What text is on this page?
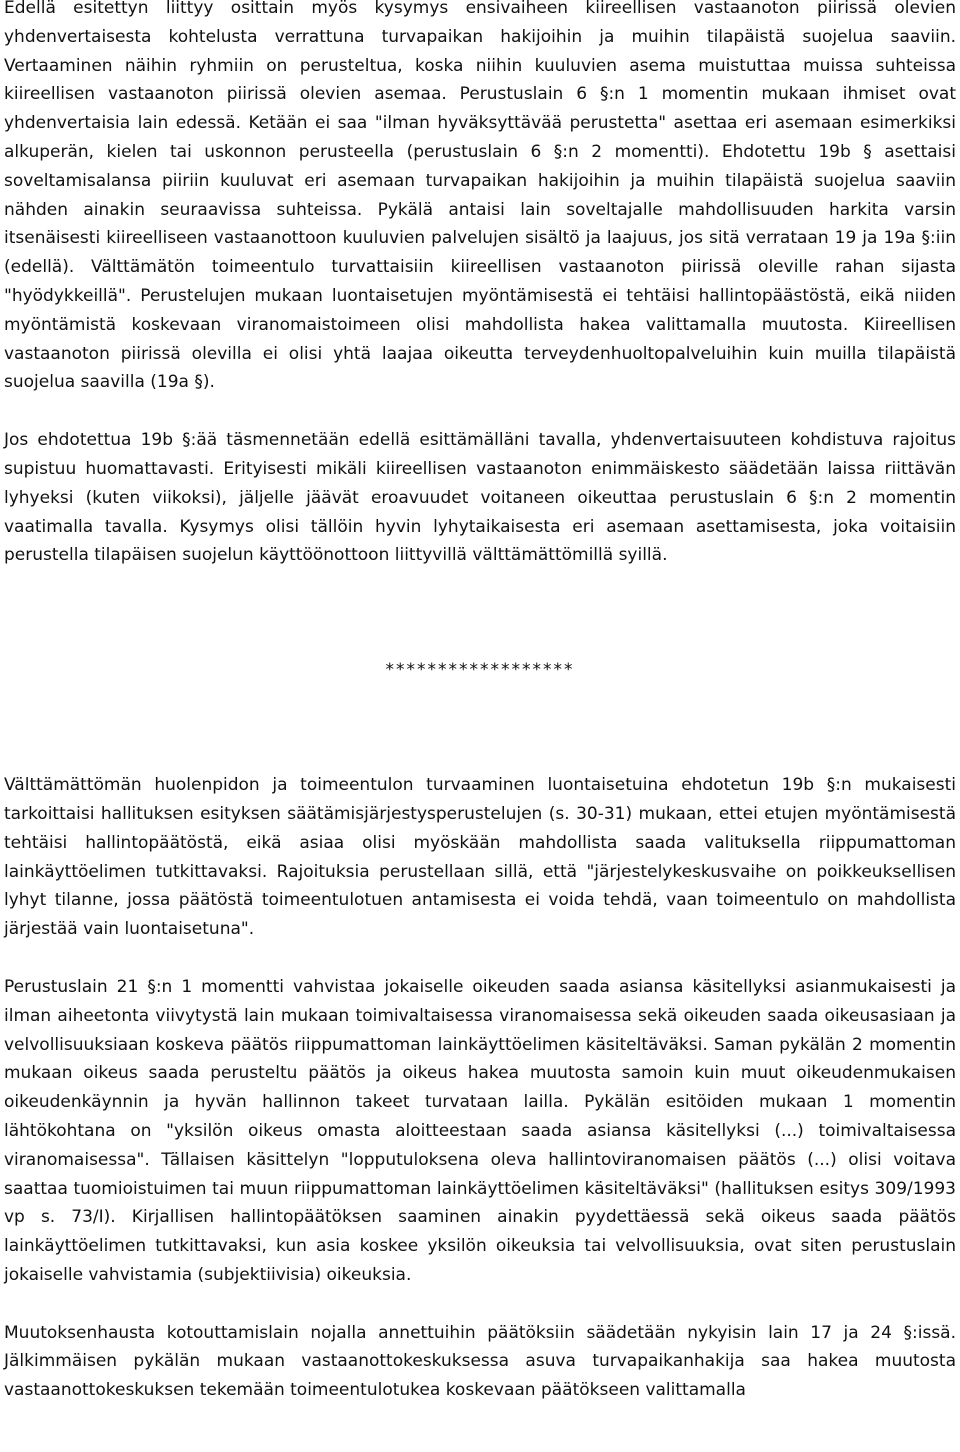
Edellä esitettyn liittyy osittain myös kysymys ensivaiheen kiireellisen vastaanoton piirissä olevien yhdenvertaisesta kohtelusta verrattuna turvapaikan hakijoihin ja muihin tilapäistä suojelua saaviin. Vertaaminen näihin ryhmiin on perusteltua, koska niihin kuuluvien asema muistuttaa muissa suhteissa kiireellisen vastaanoton piirissä olevien asemaa. Perustuslain 6 §:n 1 momentin mukaan ihmiset ovat yhdenvertaisia lain edessä. Ketään ei saa "ilman hyväksyttävää perustetta" asettaa eri asemaan esimerkiksi alkuperän, kielen tai uskonnon perusteella (perustuslain 6 §:n 2 momentti). Ehdotettu 19b § asettaisi soveltamisalansa piiriin kuuluvat eri asemaan turvapaikan hakijoihin ja muihin tilapäistä suojelua saaviin nähden ainakin seuraavissa suhteissa. Pykälä antaisi lain soveltajalle mahdollisuuden harkita varsin itsenäisesti kiireelliseen vastaanottoon kuuluvien palvelujen sisältö ja laajuus, jos sitä verrataan 19 ja 19a §:iin (edellä). Välttämätön toimeentulo turvattaisiin kiireellisen vastaanoton piirissä oleville rahan sijasta "hyödykkeillä". Perustelujen mukaan luontaisetujen myöntämisestä ei tehtäisi hallintopäästöstä, eikä niiden myöntämistä koskevaan viranomaistoimeen olisi mahdollista hakea valittamalla muutosta. Kiireellisen vastaanoton piirissä olevilla ei olisi yhtä laajaa oikeutta terveydenhuoltopalveluihin kuin muilla tilapäistä suojelua saavilla (19a §).

Jos ehdotettua 19b §:ää täsmennetään edellä esittämälläni tavalla, yhdenvertaisuuteen kohdistuva rajoitus supistuu huomattavasti. Erityisesti mikäli kiireellisen vastaanoton enimmäiskesto säädetään laissa riittävän lyhyeksi (kuten viikoksi), jäljelle jäävät eroavuudet voitaneen oikeuttaa perustuslain 6 §:n 2 momentin vaatimalla tavalla. Kysymys olisi tällöin hyvin lyhytaikaisesta eri asemaan asettamisesta, joka voitaisiin perustella tilapäisen suojelun käyttöönottoon liittyvillä välttämättömillä syillä.

******************

Välttämättömän huolenpidon ja toimeentulon turvaaminen luontaisetuina ehdotetun 19b §:n mukaisesti tarkoittaisi hallituksen esityksen säätämisjärjestysperustelujen (s. 30-31) mukaan, ettei etujen myöntämisestä tehtäisi hallintopäätöstä, eikä asiaa olisi myöskään mahdollista saada valitukseIla riippumattoman lainkäyttöelimen tutkittavaksi. Rajoituksia perustellaan sillä, että "järjestelykeskusvaihe on poikkeuksellisen lyhyt tilanne, jossa päätöstä toimeentulotuen antamisesta ei voida tehdä, vaan toimeentulo on mahdollista järjestää vain luontaisetuna".

Perustuslain 21 §:n 1 momentti vahvistaa jokaiselle oikeuden saada asiansa käsitellyksi asianmukaisesti ja ilman aiheetonta viivytystä lain mukaan toimivaltaisessa viranomaisessa sekä oikeuden saada oikeusasiaan ja velvollisuuksiaan koskeva päätös riippumattoman lainkäyttöelimen käsiteltäväksi. Saman pykälän 2 momentin mukaan oikeus saada perusteltu päätös ja oikeus hakea muutosta samoin kuin muut oikeudenmukaisen oikeudenkäynnin ja hyvän hallinnon takeet turvataan lailla. Pykälän esitöiden mukaan 1 momentin lähtökohtana on "yksilön oikeus omasta aloitteestaan saada asiansa käsitellyksi (...) toimivaltaisessa viranomaisessa". Tällaisen käsittelyn "lopputuloksena oleva hallintoviranomaisen päätös (...) olisi voitava saattaa tuomioistuimen tai muun riippumattoman lainkäyttöelimen käsiteltäväksi" (hallituksen esitys 309/1993 vp s. 73/I). Kirjallisen hallintopäätöksen saaminen ainakin pyydettäessä sekä oikeus saada päätös lainkäyttöelimen tutkittavaksi, kun asia koskee yksilön oikeuksia tai velvollisuuksia, ovat siten perustuslain jokaiselle vahvistamia (subjektiivisia) oikeuksia.

Muutoksenhausta kotouttamislain nojalla annettuihin päätöksiin säädetään nykyisin lain 17 ja 24 §:issä. Jälkimmäisen pykälän mukaan vastaanottokeskuksessa asuva turvapaikanhakija saa hakea muutosta vastaanottokeskuksen tekemään toimeentulotukea koskevaan päätökseen valittamalla
